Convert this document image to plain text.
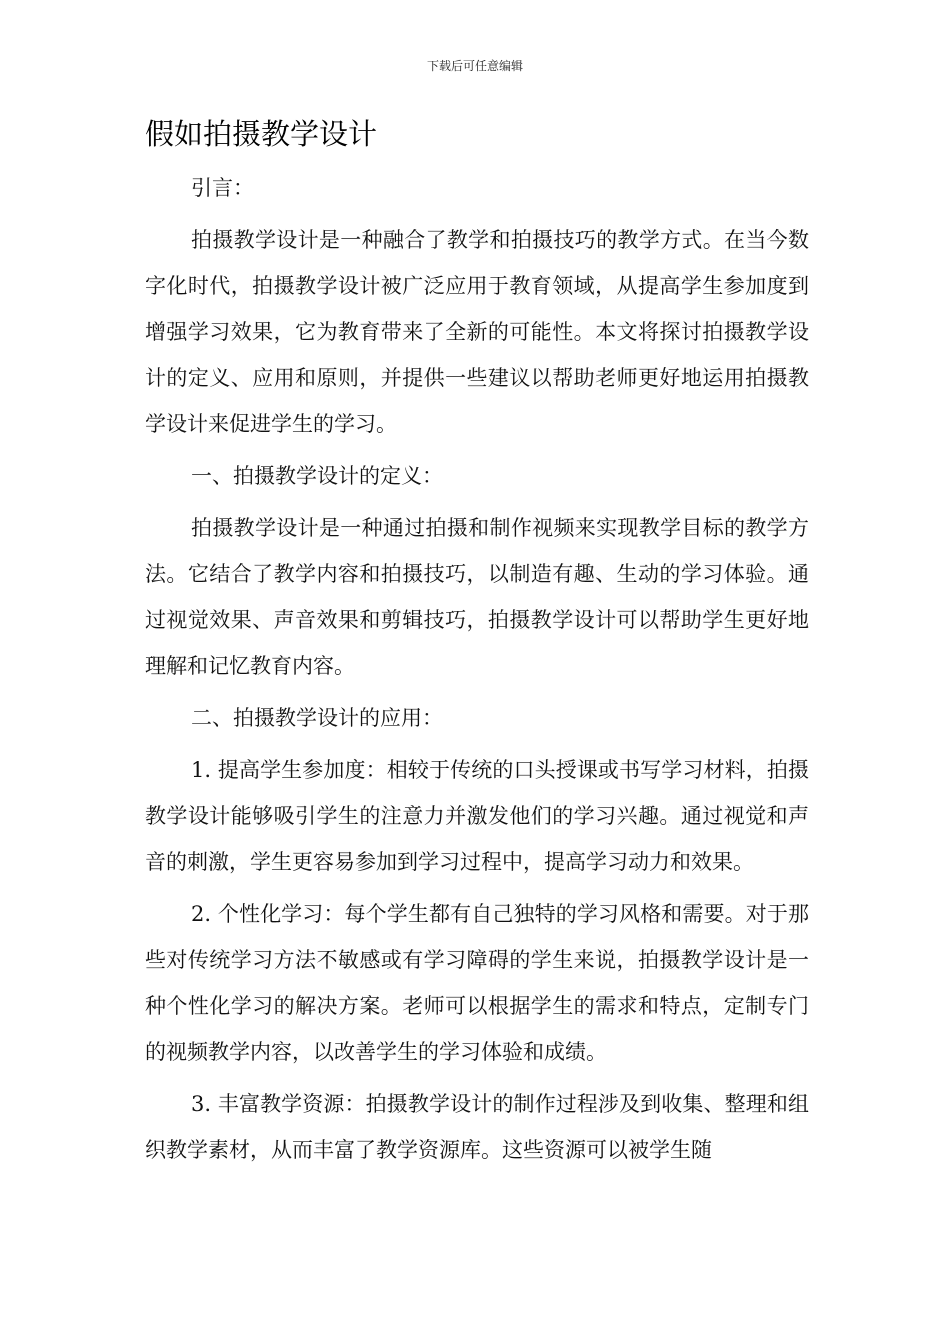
下载后可任意编辑
假如拍摄教学设计

引言：

拍摄教学设计是一种融合了教学和拍摄技巧的教学方式。在当今数字化时代，拍摄教学设计被广泛应用于教育领域，从提高学生参加度到增强学习效果，它为教育带来了全新的可能性。本文将探讨拍摄教学设计的定义、应用和原则，并提供一些建议以帮助老师更好地运用拍摄教学设计来促进学生的学习。

一、拍摄教学设计的定义：

拍摄教学设计是一种通过拍摄和制作视频来实现教学目标的教学方法。它结合了教学内容和拍摄技巧，以制造有趣、生动的学习体验。通过视觉效果、声音效果和剪辑技巧，拍摄教学设计可以帮助学生更好地理解和记忆教育内容。

二、拍摄教学设计的应用：

1. 提高学生参加度：相较于传统的口头授课或书写学习材料，拍摄教学设计能够吸引学生的注意力并激发他们的学习兴趣。通过视觉和声音的刺激，学生更容易参加到学习过程中，提高学习动力和效果。

2. 个性化学习：每个学生都有自己独特的学习风格和需要。对于那些对传统学习方法不敏感或有学习障碍的学生来说，拍摄教学设计是一种个性化学习的解决方案。老师可以根据学生的需求和特点，定制专门的视频教学内容，以改善学生的学习体验和成绩。

3. 丰富教学资源：拍摄教学设计的制作过程涉及到收集、整理和组织教学素材，从而丰富了教学资源库。这些资源可以被学生随
